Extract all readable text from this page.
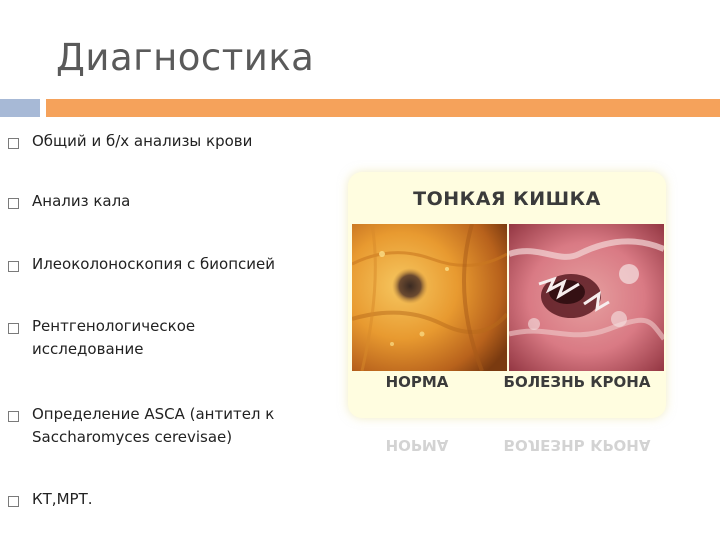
Диагностика
Общий и б/х анализы крови
Анализ кала
Илеоколоноскопия с биопсией
Рентгенологическое исследование
Определение ASCA (антител к Saccharomyces cerevisae)
КТ,МРТ.
ТОНКАЯ КИШКА
НОРМА	БОЛЕЗНЬ КРОНА
НОРМА	БОЛЕЗНЬ КРОНА
